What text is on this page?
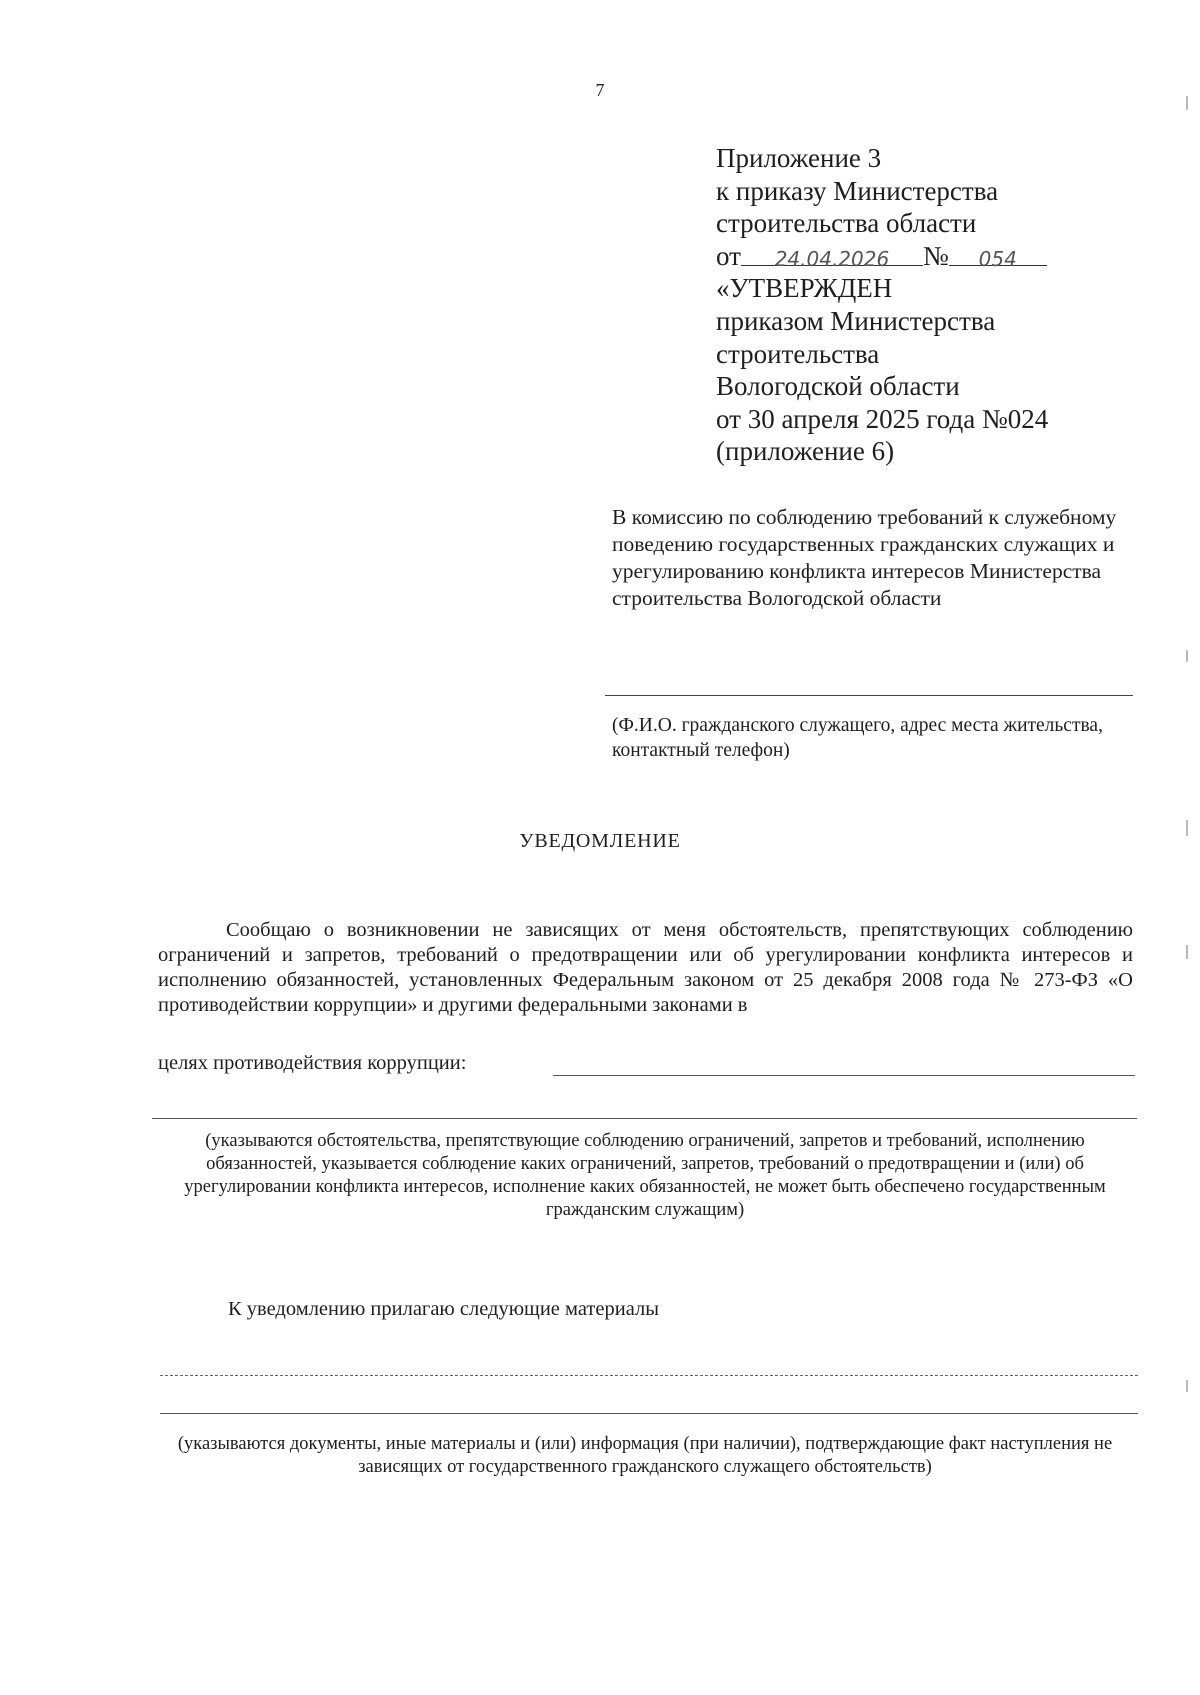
7
Приложение 3
к приказу Министерства
строительства области
от 24.04.2026 № 054
«УТВЕРЖДЕН
приказом Министерства
строительства
Вологодской области
от 30 апреля 2025 года №024
(приложение 6)
В комиссию по соблюдению требований к служебному поведению государственных гражданских служащих и урегулированию конфликта интересов Министерства строительства Вологодской области
(Ф.И.О. гражданского служащего, адрес места жительства, контактный телефон)
УВЕДОМЛЕНИЕ
Сообщаю о возникновении не зависящих от меня обстоятельств, препятствующих соблюдению ограничений и запретов, требований о предотвращении или об урегулировании конфликта интересов и исполнению обязанностей, установленных Федеральным законом от 25 декабря 2008 года № 273-ФЗ «О противодействии коррупции» и другими федеральными законами в
целях противодействия коррупции:
(указываются обстоятельства, препятствующие соблюдению ограничений, запретов и требований, исполнению обязанностей, указывается соблюдение каких ограничений, запретов, требований о предотвращении и (или) об урегулировании конфликта интересов, исполнение каких обязанностей, не может быть обеспечено государственным гражданским служащим)
К уведомлению прилагаю следующие материалы
(указываются документы, иные материалы и (или) информация (при наличии), подтверждающие факт наступления не зависящих от государственного гражданского служащего обстоятельств)
